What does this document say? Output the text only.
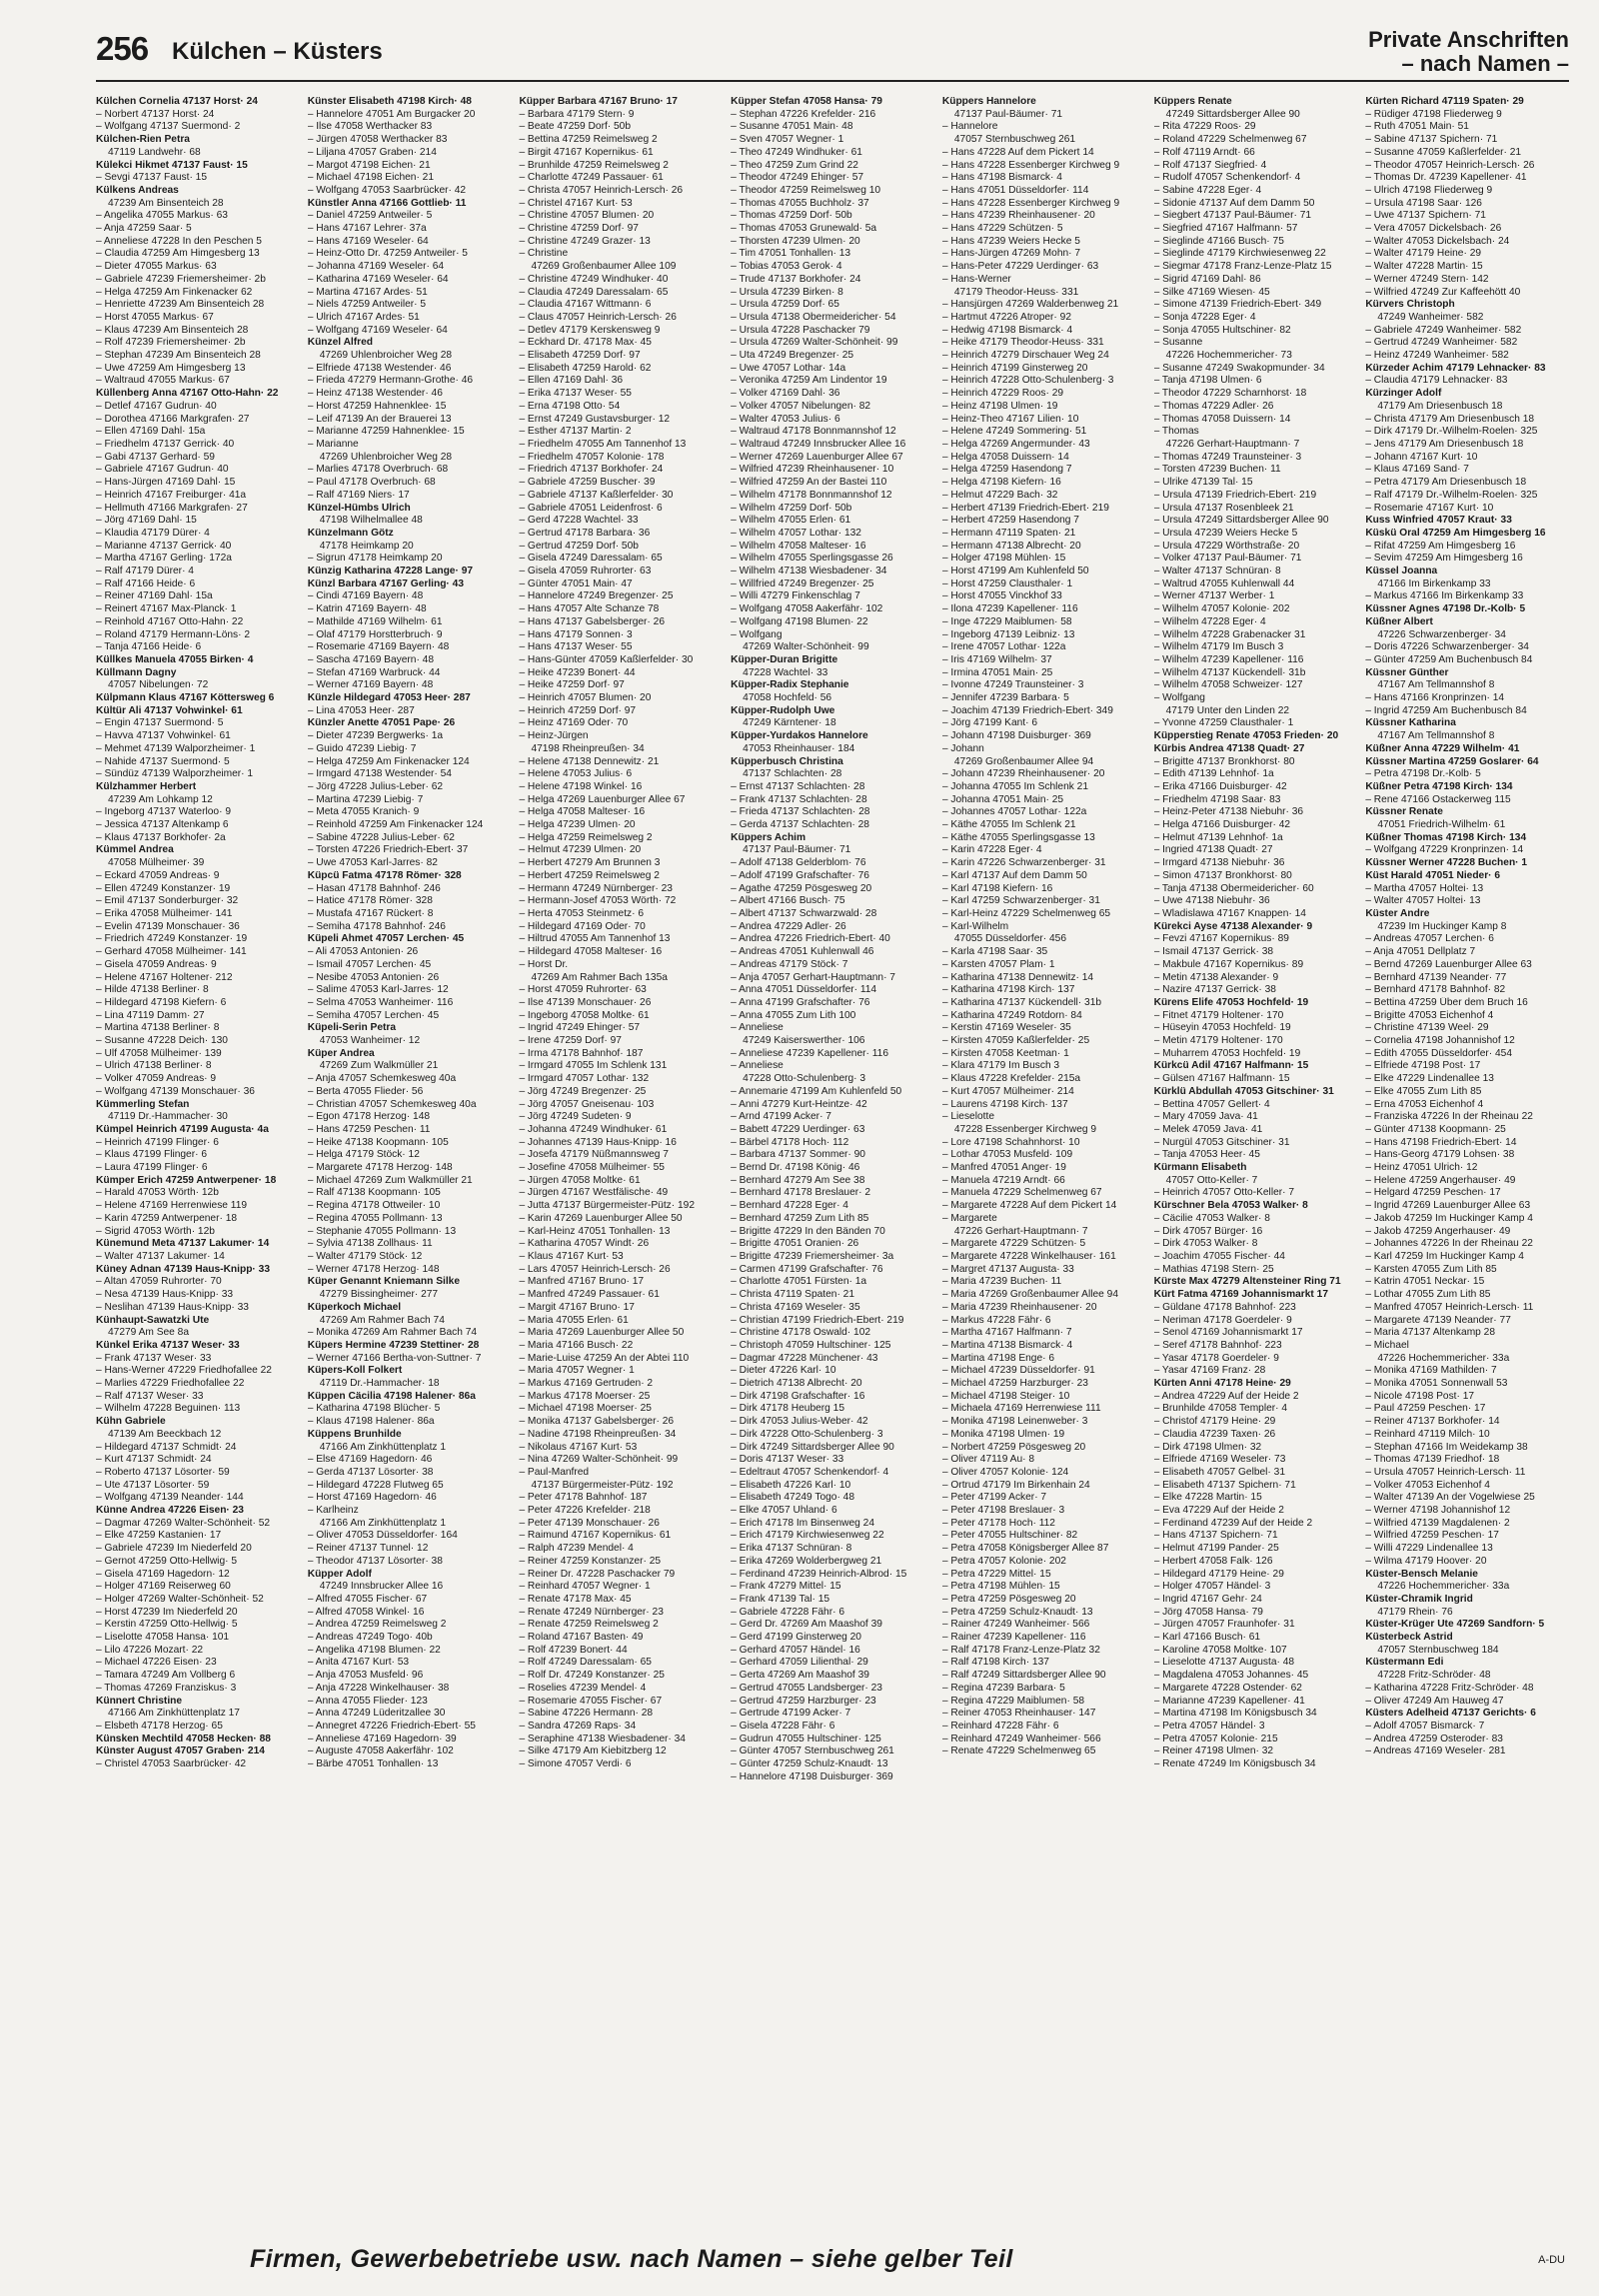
256 Külchen – Küsters	Private Anschriften
– nach Namen –
Külchen Cornelia 47137 Horst· 24
– Norbert 47137 Horst· 24
– Wolfgang 47137 Suermond· 2
Külchen-Rien Petra
47119 Landwehr· 68
Külekci Hikmet 47137 Faust· 15
– Sevgi 47137 Faust· 15
Külkens Andreas
47239 Am Binsenteich 28
– Angelika 47055 Markus· 63
– Anja 47259 Saar· 5
– Anneliese 47228 In den Peschen 5
– Claudia 47259 Am Himgesberg 13
– Dieter 47055 Markus· 63
– Gabriele 47239 Friemersheimer· 2b
– Helga 47259 Am Finkenacker 62
– Henriette 47239 Am Binsenteich 28
– Horst 47055 Markus· 67
– Klaus 47239 Am Binsenteich 28
– Rolf 47239 Friemersheimer· 2b
– Stephan 47239 Am Binsenteich 28
– Uwe 47259 Am Himgesberg 13
– Waltraud 47055 Markus· 67
Küllenberg Anna 47167 Otto-Hahn· 22
– Detlef 47167 Gudrun· 40
– Dorothea 47166 Markgrafen· 27
– Ellen 47169 Dahl· 15a
– Friedhelm 47137 Gerrick· 40
– Gabi 47137 Gerhard· 59
– Gabriele 47167 Gudrun· 40
– Hans-Jürgen 47169 Dahl· 15
– Heinrich 47167 Freiburger· 41a
– Hellmuth 47166 Markgrafen· 27
– Jörg 47169 Dahl· 15
– Klaudia 47179 Dürer· 4
– Marianne 47137 Gerrick· 40
– Martha 47167 Gerling· 172a
– Ralf 47179 Dürer· 4
– Ralf 47166 Heide· 6
– Reiner 47169 Dahl· 15a
– Reinert 47167 Max-Planck· 1
– Reinhold 47167 Otto-Hahn· 22
– Roland 47179 Hermann-Löns· 2
– Tanja 47166 Heide· 6
Küllkes Manuela 47055 Birken· 4
Küllmann Dagny
47057 Nibelungen· 72
Külpmann Klaus 47167 Köttersweg 6
Kültür Ali 47137 Vohwinkel· 61
– Engin 47137 Suermond· 5
– Havva 47137 Vohwinkel· 61
– Mehmet 47139 Walporzheimer· 1
– Nahide 47137 Suermond· 5
– Sündüz 47139 Walporzheimer· 1
Külzhammer Herbert
47239 Am Lohkamp 12
– Ingeborg 47137 Waterloo· 9
– Jessica 47137 Altenkamp 6
– Klaus 47137 Borkhofer· 2a
Kümmel Andrea
47058 Mülheimer· 39
– Eckard 47059 Andreas· 9
– Ellen 47249 Konstanzer· 19
– Emil 47137 Sonderburger· 32
– Erika 47058 Mülheimer· 141
– Evelin 47139 Monschauer· 36
– Friedrich 47249 Konstanzer· 19
– Gerhard 47058 Mülheimer· 141
– Gisela 47059 Andreas· 9
– Helene 47167 Holtener· 212
– Hilde 47138 Berliner· 8
– Hildegard 47198 Kiefern· 6
– Lina 47119 Damm· 27
– Martina 47138 Berliner· 8
– Susanne 47228 Deich· 130
– Ulf 47058 Mülheimer· 139
– Ulrich 47138 Berliner· 8
– Volker 47059 Andreas· 9
– Wolfgang 47139 Monschauer· 36
Kümmerling Stefan
47119 Dr.-Hammacher· 30
Kümpel Heinrich 47199 Augusta· 4a
– Heinrich 47199 Flinger· 6
– Klaus 47199 Flinger· 6
– Laura 47199 Flinger· 6
Kümper Erich 47259 Antwerpener· 18
– Harald 47053 Wörth· 12b
– Helene 47169 Herrenwiese 119
– Karin 47259 Antwerpener· 18
– Sigrid 47053 Wörth· 12b
Künemund Meta 47137 Lakumer· 14
– Walter 47137 Lakumer· 14
Küney Adnan 47139 Haus-Knipp· 33
– Altan 47059 Ruhrorter· 70
– Nesa 47139 Haus-Knipp· 33
– Neslihan 47139 Haus-Knipp· 33
Künhaupt-Sawatzki Ute
47279 Am See 8a
Künkel Erika 47137 Weser· 33
– Frank 47137 Weser· 33
– Hans-Werner 47229 Friedhofallee 22
– Marlies 47229 Friedhofallee 22
– Ralf 47137 Weser· 33
– Wilhelm 47228 Beguinen· 113
Kühn Gabriele
47139 Am Beeckbach 12
– Hildegard 47137 Schmidt· 24
– Kurt 47137 Schmidt· 24
– Roberto 47137 Lösorter· 59
– Ute 47137 Lösorter· 59
– Wolfgang 47139 Neander· 144
Künne Andrea 47226 Eisen· 23
– Dagmar 47269 Walter-Schönheit· 52
– Elke 47259 Kastanien· 17
– Gabriele 47239 Im Niederfeld 20
– Gernot 47259 Otto-Hellwig· 5
– Gisela 47169 Hagedorn· 12
– Holger 47169 Reiserweg 60
– Holger 47269 Walter-Schönheit· 52
– Horst 47239 Im Niederfeld 20
– Kerstin 47259 Otto-Hellwig· 5
– Liselotte 47058 Hansa· 101
– Lilo 47226 Mozart· 22
– Michael 47226 Eisen· 23
– Tamara 47249 Am Vollberg 6
– Thomas 47269 Franziskus· 3
Künnert Christine
47166 Am Zinkhüttenplatz 17
– Elsbeth 47178 Herzog· 65
Künsken Mechtild 47058 Hecken· 88
Künster August 47057 Graben· 214
– Christel 47053 Saarbrücker· 42
Künster Elisabeth 47198 Kirch· 48
– Hannelore 47051 Am Burgacker 20
– Ilse 47058 Werthacker 83
– Jürgen 47058 Werthacker 83
– Liljana 47057 Graben· 214
– Margot 47198 Eichen· 21
– Michael 47198 Eichen· 21
– Wolfgang 47053 Saarbrücker· 42
Künstler Anna 47166 Gottlieb· 11
– Daniel 47259 Antweiler· 5
– Hans 47167 Lehrer· 37a
– Hans 47169 Weseler· 64
– Heinz-Otto Dr. 47259 Antweiler· 5
– Johanna 47169 Weseler· 64
– Katharina 47169 Weseler· 64
– Martina 47167 Ardes· 51
– Niels 47259 Antweiler· 5
– Ulrich 47167 Ardes· 51
– Wolfgang 47169 Weseler· 64
Künzel Alfred
47269 Uhlenbroicher Weg 28
– Elfriede 47138 Westender· 46
– Frieda 47279 Hermann-Grothe· 46
– Heinz 47138 Westender· 46
– Horst 47259 Hahnenklee· 15
– Leif 47139 An der Brauerei 13
– Marianne 47259 Hahnenklee· 15
– Marianne
47269 Uhlenbroicher Weg 28
– Marlies 47178 Overbruch· 68
– Paul 47178 Overbruch· 68
– Ralf 47169 Niers· 17
Künzel-Hümbs Ulrich
47198 Wilhelmallee 48
Künzelmann Götz
47178 Heimkamp 20
– Sigrun 47178 Heimkamp 20
Künzig Katharina 47228 Lange· 97
Künzl Barbara 47167 Gerling· 43
– Cindi 47169 Bayern· 48
– Katrin 47169 Bayern· 48
– Mathilde 47169 Wilhelm· 61
– Olaf 47179 Horstterbruch· 9
– Rosemarie 47169 Bayern· 48
– Sascha 47169 Bayern· 48
– Stefan 47169 Warbruck· 44
– Werner 47169 Bayern· 48
Künzle Hildegard 47053 Heer· 287
– Lina 47053 Heer· 287
Künzler Anette 47051 Pape· 26
– Dieter 47239 Bergwerks· 1a
– Guido 47239 Liebig· 7
– Helga 47259 Am Finkenacker 124
– Irmgard 47138 Westender· 54
– Jörg 47228 Julius-Leber· 62
– Martina 47239 Liebig· 7
– Meta 47055 Kranich· 9
– Reinhold 47259 Am Finkenacker 124
– Sabine 47228 Julius-Leber· 62
– Torsten 47226 Friedrich-Ebert· 37
– Uwe 47053 Karl-Jarres· 82
Küpcü Fatma 47178 Römer· 328
– Hasan 47178 Bahnhof· 246
– Hatice 47178 Römer· 328
– Mustafa 47167 Rückert· 8
– Semiha 47178 Bahnhof· 246
Küpeli Ahmet 47057 Lerchen· 45
– Ali 47053 Antonien· 26
– Ismail 47057 Lerchen· 45
– Nesibe 47053 Antonien· 26
– Salime 47053 Karl-Jarres· 12
– Selma 47053 Wanheimer· 116
– Semiha 47057 Lerchen· 45
Küpeli-Serin Petra
47053 Wanheimer· 12
Küper Andrea
47269 Zum Walkmüller 21
– Anja 47057 Schemkesweg 40a
– Berta 47055 Flieder· 56
– Christian 47057 Schemkesweg 40a
– Egon 47178 Herzog· 148
– Hans 47259 Peschen· 11
– Heike 47138 Koopmann· 105
– Helga 47179 Stöck· 12
– Margarete 47178 Herzog· 148
– Michael 47269 Zum Walkmüller 21
– Ralf 47138 Koopmann· 105
– Regina 47178 Ottweiler· 10
– Regina 47055 Pollmann· 13
– Stephanie 47055 Pollmann· 13
– Sylvia 47138 Zollhaus· 11
– Walter 47179 Stöck· 12
– Werner 47178 Herzog· 148
Küper Genannt Kniemann Silke
47279 Bissingheimer· 277
Küperkoch Michael
47269 Am Rahmer Bach 74
– Monika 47269 Am Rahmer Bach 74
Küpers Hermine 47239 Stettiner· 28
– Werner 47166 Bertha-von-Suttner· 7
Küpers-Koll Folkert
47119 Dr.-Hammacher· 18
Küppen Cäcilia 47198 Halener· 86a
– Katharina 47198 Blücher· 5
– Klaus 47198 Halener· 86a
Küppens Brunhilde
47166 Am Zinkhüttenplatz 1
– Else 47169 Hagedorn· 46
– Gerda 47137 Lösorter· 38
– Hildegard 47228 Flutweg 65
– Horst 47169 Hagedorn· 46
– Karlheinz
47166 Am Zinkhüttenplatz 1
– Oliver 47053 Düsseldorfer· 164
– Reiner 47137 Tunnel· 12
– Theodor 47137 Lösorter· 38
Küpper Adolf
47249 Innsbrucker Allee 16
– Alfred 47055 Fischer· 67
– Alfred 47058 Winkel· 16
– Andrea 47259 Reimelsweg 2
– Andreas 47249 Togo· 40b
– Angelika 47198 Blumen· 22
– Anita 47167 Kurt· 53
– Anja 47053 Musfeld· 96
– Anja 47228 Winkelhauser· 38
– Anna 47055 Flieder· 123
– Anna 47249 Lüderitzallee 30
– Annegret 47226 Friedrich-Ebert· 55
– Anneliese 47169 Hagedorn· 39
– Auguste 47058 Aakerfähr· 102
– Bärbe 47051 Tonhallen· 13
Küpper Barbara 47167 Bruno· 17
– Barbara 47179 Stern· 9
– Beate 47259 Dorf· 50b
– Bettina 47259 Reimelsweg 2
– Birgit 47167 Kopernikus· 61
– Brunhilde 47259 Reimelsweg 2
– Charlotte 47249 Passauer· 61
– Christa 47057 Heinrich-Lersch· 26
– Christel 47167 Kurt· 53
– Christine 47057 Blumen· 20
– Christine 47259 Dorf· 97
– Christine 47249 Grazer· 13
– Christine
47269 Großenbaumer Allee 109
– Christine 47249 Windhuker· 40
– Claudia 47249 Daressalam· 65
– Claudia 47167 Wittmann· 6
– Claus 47057 Heinrich-Lersch· 26
– Detlev 47179 Kerskensweg 9
– Eckhard Dr. 47178 Max· 45
– Elisabeth 47259 Dorf· 97
– Elisabeth 47259 Harold· 62
– Ellen 47169 Dahl· 36
– Erika 47137 Weser· 55
– Erna 47198 Otto· 54
– Ernst 47249 Gustavsburger· 12
– Esther 47137 Martin· 2
– Friedhelm 47055 Am Tannenhof 13
– Friedhelm 47057 Kolonie· 178
– Friedrich 47137 Borkhofer· 24
– Gabriele 47259 Buscher· 39
– Gabriele 47137 Kaßlerfelder· 30
– Gabriele 47051 Leidenfrost· 6
– Gerd 47228 Wachtel· 33
– Gertrud 47178 Barbara· 36
– Gertrud 47259 Dorf· 50b
– Gisela 47249 Daressalam· 65
– Gisela 47059 Ruhrorter· 63
– Günter 47051 Main· 47
– Hannelore 47249 Bregenzer· 25
– Hans 47057 Alte Schanze 78
– Hans 47137 Gabelsberger· 26
– Hans 47179 Sonnen· 3
– Hans 47137 Weser· 55
– Hans-Günter 47059 Kaßlerfelder· 30
– Heike 47239 Bonert· 44
– Heike 47259 Dorf· 97
– Heinrich 47057 Blumen· 20
– Heinrich 47259 Dorf· 97
– Heinz 47169 Oder· 70
– Heinz-Jürgen
47198 Rheinpreußen· 34
– Helene 47138 Dennewitz· 21
– Helene 47053 Julius· 6
– Helene 47198 Winkel· 16
– Helga 47269 Lauenburger Allee 67
– Helga 47058 Malteser· 16
– Helga 47239 Ulmen· 20
– Helga 47259 Reimelsweg 2
– Helmut 47239 Ulmen· 20
– Herbert 47279 Am Brunnen 3
– Herbert 47259 Reimelsweg 2
– Hermann 47249 Nürnberger· 23
– Hermann-Josef 47053 Wörth· 72
– Herta 47053 Steinmetz· 6
– Hildegard 47169 Oder· 70
– Hiltrud 47055 Am Tannenhof 13
– Hildegard 47058 Malteser· 16
– Horst Dr.
47269 Am Rahmer Bach 135a
– Horst 47059 Ruhrorter· 63
– Ilse 47139 Monschauer· 26
– Ingeborg 47058 Moltke· 61
– Ingrid 47249 Ehinger· 57
– Irene 47259 Dorf· 97
– Irma 47178 Bahnhof· 187
– Irmgard 47055 Im Schlenk 131
– Irmgard 47057 Lothar· 132
– Jörg 47249 Bregenzer· 25
– Jörg 47057 Gneisenau· 103
– Jörg 47249 Sudeten· 9
– Johanna 47249 Windhuker· 61
– Johannes 47139 Haus-Knipp· 16
– Josefa 47179 Nüßmannsweg 7
– Josefine 47058 Mülheimer· 55
– Jürgen 47058 Moltke· 61
– Jürgen 47167 Westfälische· 49
– Jutta 47137 Bürgermeister-Pütz· 192
– Karin 47269 Lauenburger Allee 50
– Karl-Heinz 47051 Tonhallen· 13
– Katharina 47057 Windt· 26
– Klaus 47167 Kurt· 53
– Lars 47057 Heinrich-Lersch· 26
– Manfred 47167 Bruno· 17
– Manfred 47249 Passauer· 61
– Margit 47167 Bruno· 17
– Maria 47055 Erlen· 61
– Maria 47269 Lauenburger Allee 50
– Maria 47166 Busch· 22
– Marie-Luise 47259 An der Abtei 110
– Maria 47057 Wegner· 1
– Markus 47169 Gertruden· 2
– Markus 47178 Moerser· 25
– Michael 47198 Moerser· 25
– Monika 47137 Gabelsberger· 26
– Nadine 47198 Rheinpreußen· 34
– Nikolaus 47167 Kurt· 53
– Nina 47269 Walter-Schönheit· 99
– Paul-Manfred
47137 Bürgermeister-Pütz· 192
– Peter 47178 Bahnhof· 187
– Peter 47226 Krefelder· 218
– Peter 47139 Monschauer· 26
– Raimund 47167 Kopernikus· 61
– Ralph 47239 Mendel· 4
– Reiner 47259 Konstanzer· 25
– Reiner Dr. 47228 Paschacker 79
– Reinhard 47057 Wegner· 1
– Renate 47178 Max· 45
– Renate 47249 Nürnberger· 23
– Renate 47259 Reimelsweg 2
– Roland 47167 Basten· 49
– Rolf 47239 Bonert· 44
– Rolf 47249 Daressalam· 65
– Rolf Dr. 47249 Konstanzer· 25
– Roselies 47239 Mendel· 4
– Rosemarie 47055 Fischer· 67
– Sabine 47226 Hermann· 28
– Sandra 47269 Raps· 34
– Seraphine 47138 Wiesbadener· 34
– Silke 47179 Am Kiebitzberg 12
– Simone 47057 Verdi· 6
Küpper Stefan 47058 Hansa· 79
– Stephan 47226 Krefelder· 216
– Susanne 47051 Main· 48
– Sven 47057 Wegner· 1
– Theo 47249 Windhuker· 61
– Theo 47259 Zum Grind 22
– Theodor 47249 Ehinger· 57
– Theodor 47259 Reimelsweg 10
– Thomas 47055 Buchholz· 37
– Thomas 47259 Dorf· 50b
– Thomas 47053 Grunewald· 5a
– Thorsten 47239 Ulmen· 20
– Tim 47051 Tonhallen· 13
– Tobias 47053 Gerok· 4
– Trude 47137 Borkhofer· 24
– Ursula 47239 Birken· 8
– Ursula 47259 Dorf· 65
– Ursula 47138 Obermeidericher· 54
– Ursula 47228 Paschacker 79
– Ursula 47269 Walter-Schönheit· 99
– Uta 47249 Bregenzer· 25
– Uwe 47057 Lothar· 14a
– Veronika 47259 Am Lindentor 19
– Volker 47169 Dahl· 36
– Volker 47057 Nibelungen· 82
– Walter 47053 Julius· 6
– Waltraud 47178 Bonnmannshof 12
– Waltraud 47249 Innsbrucker Allee 16
– Werner 47269 Lauenburger Allee 67
– Wilfried 47239 Rheinhausener· 10
– Wilfried 47259 An der Bastei 110
– Wilhelm 47178 Bonnmannshof 12
– Wilhelm 47259 Dorf· 50b
– Wilhelm 47055 Erlen· 61
– Wilhelm 47057 Lothar· 132
– Wilhelm 47058 Malteser· 16
– Wilhelm 47055 Sperlingsgasse 26
– Wilhelm 47138 Wiesbadener· 34
– Willfried 47249 Bregenzer· 25
– Willi 47279 Finkenschlag 7
– Wolfgang 47058 Aakerfähr· 102
– Wolfgang 47198 Blumen· 22
– Wolfgang
47269 Walter-Schönheit· 99
Küpper-Duran Brigitte
47228 Wachtel· 33
Küpper-Radix Stephanie
47058 Hochfeld· 56
Küpper-Rudolph Uwe
47249 Kärntener· 18
Küpper-Yurdakos Hannelore
47053 Rheinhauser· 184
Küpperbusch Christina
47137 Schlachten· 28
– Ernst 47137 Schlachten· 28
– Frank 47137 Schlachten· 28
– Frieda 47137 Schlachten· 28
– Gerda 47137 Schlachten· 28
Küppers Achim
47137 Paul-Bäumer· 71
– Adolf 47138 Gelderblom· 76
– Adolf 47199 Grafschafter· 76
– Agathe 47259 Pösgesweg 20
– Albert 47166 Busch· 75
– Albert 47137 Schwarzwald· 28
– Andrea 47229 Adler· 26
– Andrea 47226 Friedrich-Ebert· 40
– Andreas 47051 Kuhlenwall 46
– Andreas 47179 Stöck· 7
– Anja 47057 Gerhart-Hauptmann· 7
– Anna 47051 Düsseldorfer· 114
– Anna 47199 Grafschafter· 76
– Anna 47055 Zum Lith 100
– Anneliese
47249 Kaiserswerther· 106
– Anneliese 47239 Kapellener· 116
– Anneliese
47228 Otto-Schulenberg· 3
– Annemarie 47199 Am Kuhlenfeld 50
– Anni 47279 Kurt-Heintze· 42
– Arnd 47199 Acker· 7
– Babett 47229 Uerdinger· 63
– Bärbel 47178 Hoch· 112
– Barbara 47137 Sommer· 90
– Bernd Dr. 47198 König· 46
– Bernhard 47279 Am See 38
– Bernhard 47178 Breslauer· 2
– Bernhard 47228 Eger· 4
– Bernhard 47259 Zum Lith 85
– Brigitte 47229 In den Bänden 70
– Brigitte 47051 Oranien· 26
– Brigitte 47239 Friemersheimer· 3a
– Carmen 47199 Grafschafter· 76
– Charlotte 47051 Fürsten· 1a
– Christa 47119 Spaten· 21
– Christa 47169 Weseler· 35
– Christian 47199 Friedrich-Ebert· 219
– Christine 47178 Oswald· 102
– Christoph 47059 Hultschiner· 125
– Dagmar 47228 Münchener· 43
– Dieter 47226 Karl· 10
– Dietrich 47138 Albrecht· 20
– Dirk 47198 Grafschafter· 16
– Dirk 47178 Heuberg 15
– Dirk 47053 Julius-Weber· 42
– Dirk 47228 Otto-Schulenberg· 3
– Dirk 47249 Sittardsberger Allee 90
– Doris 47137 Weser· 33
– Edeltraut 47057 Schenkendorf· 4
– Elisabeth 47226 Karl· 10
– Elisabeth 47249 Togo· 48
– Elke 47057 Uhland· 6
– Erich 47178 Im Binsenweg 24
– Erich 47179 Kirchwiesenweg 22
– Erika 47137 Schnüran· 8
– Erika 47269 Wolderbergweg 21
– Ferdinand 47239 Heinrich-Albrod· 15
– Frank 47279 Mittel· 15
– Frank 47139 Tal· 15
– Gabriele 47228 Fähr· 6
– Gerd Dr. 47269 Am Maashof 39
– Gerd 47199 Ginsterweg 20
– Gerhard 47057 Händel· 16
– Gerhard 47059 Lilienthal· 29
– Gerta 47269 Am Maashof 39
– Gertrud 47055 Landsberger· 23
– Gertrud 47259 Harzburger· 23
– Gertrude 47199 Acker· 7
– Gisela 47228 Fähr· 6
– Gudrun 47055 Hultschiner· 125
– Günter 47057 Sternbuschweg 261
– Günter 47259 Schulz-Knaudt· 13
– Hannelore 47198 Duisburger· 369
Küppers Hannelore
47137 Paul-Bäumer· 71
– Hannelore
47057 Sternbuschweg 261
– Hans 47228 Auf dem Pickert 14
– Hans 47228 Essenberger Kirchweg 9
– Hans 47198 Bismarck· 4
– Hans 47051 Düsseldorfer· 114
– Hans 47228 Essenberger Kirchweg 9
– Hans 47239 Rheinhausener· 20
– Hans 47229 Schützen· 5
– Hans 47239 Weiers Hecke 5
– Hans-Jürgen 47269 Mohn· 7
– Hans-Peter 47229 Uerdinger· 63
– Hans-Werner
47179 Theodor-Heuss· 331
– Hansjürgen 47269 Walderbenweg 21
– Hartmut 47226 Atroper· 92
– Hedwig 47198 Bismarck· 4
– Heike 47179 Theodor-Heuss· 331
– Heinrich 47279 Dirschauer Weg 24
– Heinrich 47199 Ginsterweg 20
– Heinrich 47228 Otto-Schulenberg· 3
– Heinrich 47229 Roos· 29
– Heinz 47198 Ulmen· 19
– Heinz-Theo 47167 Lilien· 10
– Helene 47249 Sommering· 51
– Helga 47269 Angermunder· 43
– Helga 47058 Duissern· 14
– Helga 47259 Hasendong 7
– Helga 47198 Kiefern· 16
– Helmut 47229 Bach· 32
– Herbert 47139 Friedrich-Ebert· 219
– Herbert 47259 Hasendong 7
– Hermann 47119 Spaten· 21
– Hermann 47138 Albrecht· 20
– Holger 47198 Mühlen· 15
– Horst 47199 Am Kuhlenfeld 50
– Horst 47259 Clausthaler· 1
– Horst 47055 Vinckhof 33
– Ilona 47239 Kapellener· 116
– Inge 47229 Maiblumen· 58
– Ingeborg 47139 Leibniz· 13
– Irene 47057 Lothar· 122a
– Iris 47169 Wilhelm· 37
– Irmina 47051 Main· 25
– Ivonne 47249 Traunsteiner· 3
– Jennifer 47239 Barbara· 5
– Joachim 47139 Friedrich-Ebert· 349
– Jörg 47199 Kant· 6
– Johann 47198 Duisburger· 369
– Johann
47269 Großenbaumer Allee 94
– Johann 47239 Rheinhausener· 20
– Johanna 47055 Im Schlenk 21
– Johanna 47051 Main· 25
– Johannes 47057 Lothar· 122a
– Käthe 47055 Im Schlenk 21
– Käthe 47055 Sperlingsgasse 13
– Karin 47228 Eger· 4
– Karin 47226 Schwarzenberger· 31
– Karl 47137 Auf dem Damm 50
– Karl 47198 Kiefern· 16
– Karl 47259 Schwarzenberger· 31
– Karl-Heinz 47229 Schelmenweg 65
– Karl-Wilhelm
47055 Düsseldorfer· 456
– Karla 47198 Saar· 35
– Karsten 47057 Plam· 1
– Katharina 47138 Dennewitz· 14
– Katharina 47198 Kirch· 137
– Katharina 47137 Kückendell· 31b
– Katharina 47249 Rotdorn· 84
– Kerstin 47169 Weseler· 35
– Kirsten 47059 Kaßlerfelder· 25
– Kirsten 47058 Keetman· 1
– Klara 47179 Im Busch 3
– Klaus 47228 Krefelder· 215a
– Kurt 47057 Mülheimer· 214
– Laurens 47198 Kirch· 137
– Lieselotte
47228 Essenberger Kirchweg 9
– Lore 47198 Schahnhorst· 10
– Lothar 47053 Musfeld· 109
– Manfred 47051 Anger· 19
– Manuela 47219 Arndt· 66
– Manuela 47229 Schelmenweg 67
– Margarete 47228 Auf dem Pickert 14
– Margarete
47226 Gerhart-Hauptmann· 7
– Margarete 47229 Schützen· 5
– Margarete 47228 Winkelhauser· 161
– Margret 47137 Augusta· 33
– Maria 47239 Buchen· 11
– Maria 47269 Großenbaumer Allee 94
– Maria 47239 Rheinhausener· 20
– Markus 47228 Fähr· 6
– Martha 47167 Halfmann· 7
– Martina 47138 Bismarck· 4
– Martina 47198 Enge· 6
– Michael 47239 Düsseldorfer· 91
– Michael 47259 Harzburger· 23
– Michael 47198 Steiger· 10
– Michaela 47169 Herrenwiese 111
– Monika 47198 Leinenweber· 3
– Monika 47198 Ulmen· 19
– Norbert 47259 Pösgesweg 20
– Oliver 47119 Au· 8
– Oliver 47057 Kolonie· 124
– Ortrud 47179 Im Birkenhain 24
– Peter 47199 Acker· 7
– Peter 47198 Breslauer· 3
– Peter 47178 Hoch· 112
– Peter 47055 Hultschiner· 82
– Petra 47058 Königsberger Allee 87
– Petra 47057 Kolonie· 202
– Petra 47229 Mittel· 15
– Petra 47198 Mühlen· 15
– Petra 47259 Pösgesweg 20
– Petra 47259 Schulz-Knaudt· 13
– Rainer 47249 Wanheimer· 566
– Rainer 47239 Kapellener· 116
– Ralf 47178 Franz-Lenze-Platz 32
– Ralf 47198 Kirch· 137
– Ralf 47249 Sittardsberger Allee 90
– Regina 47239 Barbara· 5
– Regina 47229 Maiblumen· 58
– Reiner 47053 Rheinhauser· 147
– Reinhard 47228 Fähr· 6
– Reinhard 47249 Wanheimer· 566
– Renate 47229 Schelmenweg 65
Küppers Renate
47249 Sittardsberger Allee 90
– Rita 47229 Roos· 29
– Roland 47229 Schelmenweg 67
– Rolf 47119 Arndt· 66
– Rolf 47137 Siegfried· 4
– Rudolf 47057 Schenkendorf· 4
– Sabine 47228 Eger· 4
– Sidonie 47137 Auf dem Damm 50
– Siegbert 47137 Paul-Bäumer· 71
– Siegfried 47167 Halfmann· 57
– Sieglinde 47166 Busch· 75
– Sieglinde 47179 Kirchwiesenweg 22
– Siegmar 47178 Franz-Lenze-Platz 15
– Sigrid 47169 Dahl· 86
– Silke 47169 Wiesen· 45
– Simone 47139 Friedrich-Ebert· 349
– Sonja 47228 Eger· 4
– Sonja 47055 Hultschiner· 82
– Susanne
47226 Hochemmericher· 73
– Susanne 47249 Swakopmunder· 34
– Tanja 47198 Ulmen· 6
– Theodor 47229 Scharnhorst· 18
– Thomas 47229 Adler· 26
– Thomas 47058 Duissern· 14
– Thomas
47226 Gerhart-Hauptmann· 7
– Thomas 47249 Traunsteiner· 3
– Torsten 47239 Buchen· 11
– Ulrike 47139 Tal· 15
– Ursula 47139 Friedrich-Ebert· 219
– Ursula 47137 Rosenbleek 21
– Ursula 47249 Sittardsberger Allee 90
– Ursula 47239 Weiers Hecke 5
– Ursula 47229 Wörthstraße· 20
– Volker 47137 Paul-Bäumer· 71
– Walter 47137 Schnüran· 8
– Waltrud 47055 Kuhlenwall 44
– Werner 47137 Werber· 1
– Wilhelm 47057 Kolonie· 202
– Wilhelm 47228 Eger· 4
– Wilhelm 47228 Grabenacker 31
– Wilhelm 47179 Im Busch 3
– Wilhelm 47239 Kapellener· 116
– Wilhelm 47137 Kückendell· 31b
– Wilhelm 47058 Schweizer· 127
– Wolfgang
47179 Unter den Linden 22
– Yvonne 47259 Clausthaler· 1
Küpperstieg Renate 47053 Frieden· 20
Kürbis Andrea 47138 Quadt· 27
– Brigitte 47137 Bronkhorst· 80
– Edith 47139 Lehnhof· 1a
– Erika 47166 Duisburger· 42
– Friedhelm 47198 Saar· 83
– Heinz-Peter 47138 Niebuhr· 36
– Helga 47166 Duisburger· 42
– Helmut 47139 Lehnhof· 1a
– Ingried 47138 Quadt· 27
– Irmgard 47138 Niebuhr· 36
– Simon 47137 Bronkhorst· 80
– Tanja 47138 Obermeidericher· 60
– Uwe 47138 Niebuhr· 36
– Wladislawa 47167 Knappen· 14
Kürekci Ayse 47138 Alexander· 9
– Fevzi 47167 Kopernikus· 89
– Ismail 47137 Gerrick· 38
– Makbule 47167 Kopernikus· 89
– Metin 47138 Alexander· 9
– Nazire 47137 Gerrick· 38
Kürens Elife 47053 Hochfeld· 19
– Fitnet 47179 Holtener· 170
– Hüseyin 47053 Hochfeld· 19
– Metin 47179 Holtener· 170
– Muharrem 47053 Hochfeld· 19
Kürkcü Adil 47167 Halfmann· 15
– Gülsen 47167 Halfmann· 15
Kürklü Abdullah 47053 Gitschiner· 31
– Bettina 47057 Gellert· 4
– Mary 47059 Java· 41
– Melek 47059 Java· 41
– Nurgül 47053 Gitschiner· 31
– Tanja 47053 Heer· 45
Kürmann Elisabeth
47057 Otto-Keller· 7
– Heinrich 47057 Otto-Keller· 7
Kürschner Bela 47053 Walker· 8
– Cäcilie 47053 Walker· 8
– Dirk 47057 Bürger· 16
– Dirk 47053 Walker· 8
– Joachim 47055 Fischer· 44
– Mathias 47198 Stern· 25
Kürste Max 47279 Altensteiner Ring 71
Kürt Fatma 47169 Johannismarkt 17
– Güldane 47178 Bahnhof· 223
– Neriman 47178 Goerdeler· 9
– Senol 47169 Johannismarkt 17
– Seref 47178 Bahnhof· 223
– Yasar 47178 Goerdeler· 9
– Yasar 47169 Franz· 28
Kürten Anni 47178 Heine· 29
– Andrea 47229 Auf der Heide 2
– Brunhilde 47058 Templer· 4
– Christof 47179 Heine· 29
– Claudia 47239 Taxen· 26
– Dirk 47198 Ulmen· 32
– Elfriede 47169 Weseler· 73
– Elisabeth 47057 Gelbel· 31
– Elisabeth 47137 Spichern· 71
– Elke 47228 Martin· 15
– Eva 47229 Auf der Heide 2
– Ferdinand 47239 Auf der Heide 2
– Hans 47137 Spichern· 71
– Helmut 47199 Pander· 25
– Herbert 47058 Falk· 126
– Hildegard 47179 Heine· 29
– Holger 47057 Händel· 3
– Ingrid 47167 Gehr· 24
– Jörg 47058 Hansa· 79
– Jürgen 47057 Fraunhofer· 31
– Karl 47166 Busch· 61
– Karoline 47058 Moltke· 107
– Lieselotte 47137 Augusta· 48
– Magdalena 47053 Johannes· 45
– Margarete 47228 Ostender· 62
– Marianne 47239 Kapellener· 41
– Martina 47198 Im Königsbusch 34
– Petra 47057 Händel· 3
– Petra 47057 Kolonie· 215
– Reiner 47198 Ulmen· 32
– Renate 47249 Im Königsbusch 34
Kürten Richard 47119 Spaten· 29
– Rüdiger 47198 Fliederweg 9
– Ruth 47051 Main· 51
– Sabine 47137 Spichern· 71
– Susanne 47059 Kaßlerfelder· 21
– Theodor 47057 Heinrich-Lersch· 26
– Thomas Dr. 47239 Kapellener· 41
– Ulrich 47198 Fliederweg 9
– Ursula 47198 Saar· 126
– Uwe 47137 Spichern· 71
– Vera 47057 Dickelsbach· 26
– Walter 47053 Dickelsbach· 24
– Walter 47179 Heine· 29
– Walter 47228 Martin· 15
– Werner 47249 Stern· 142
– Wilfried 47249 Zur Kaffeehött 40
Kürvers Christoph
47249 Wanheimer· 582
– Gabriele 47249 Wanheimer· 582
– Gertrud 47249 Wanheimer· 582
– Heinz 47249 Wanheimer· 582
Kürzeder Achim 47179 Lehnacker· 83
– Claudia 47179 Lehnacker· 83
Kürzinger Adolf
47179 Am Driesenbusch 18
– Christa 47179 Am Driesenbusch 18
– Dirk 47179 Dr.-Wilhelm-Roelen· 325
– Jens 47179 Am Driesenbusch 18
– Johann 47167 Kurt· 10
– Klaus 47169 Sand· 7
– Petra 47179 Am Driesenbusch 18
– Ralf 47179 Dr.-Wilhelm-Roelen· 325
– Rosemarie 47167 Kurt· 10
Kuss Winfried 47057 Kraut· 33
Küskü Oral 47259 Am Himgesberg 16
– Rifat 47259 Am Himgesberg 16
– Sevim 47259 Am Himgesberg 16
Küssel Joanna
47166 Im Birkenkamp 33
– Markus 47166 Im Birkenkamp 33
Küssner Agnes 47198 Dr.-Kolb· 5
Küßner Albert
47226 Schwarzenberger· 34
– Doris 47226 Schwarzenberger· 34
– Günter 47259 Am Buchenbusch 84
Küssner Günther
47167 Am Tellmannshof 8
– Hans 47166 Kronprinzen· 14
– Ingrid 47259 Am Buchenbusch 84
Küssner Katharina
47167 Am Tellmannshof 8
Küßner Anna 47229 Wilhelm· 41
Küssner Martina 47259 Goslarer· 64
– Petra 47198 Dr.-Kolb· 5
Küßner Petra 47198 Kirch· 134
– Rene 47166 Ostackerweg 115
Küssner Renate
47051 Friedrich-Wilhelm· 61
Küßner Thomas 47198 Kirch· 134
– Wolfgang 47229 Kronprinzen· 14
Küssner Werner 47228 Buchen· 1
Küst Harald 47051 Nieder· 6
– Martha 47057 Holtei· 13
– Walter 47057 Holtei· 13
Küster Andre
47239 Im Huckinger Kamp 8
– Andreas 47057 Lerchen· 6
– Anja 47051 Dellplatz 7
– Bernd 47269 Lauenburger Allee 63
– Bernhard 47139 Neander· 77
– Bernhard 47178 Bahnhof· 82
– Bettina 47259 Über dem Bruch 16
– Brigitte 47053 Eichenhof 4
– Christine 47139 Weel· 29
– Cornelia 47198 Johannishof 12
– Edith 47055 Düsseldorfer· 454
– Elfriede 47198 Post· 17
– Elke 47229 Lindenallee 13
– Elke 47055 Zum Lith 85
– Erna 47053 Eichenhof 4
– Franziska 47226 In der Rheinau 22
– Günter 47138 Koopmann· 25
– Hans 47198 Friedrich-Ebert· 14
– Hans-Georg 47179 Lohsen· 38
– Heinz 47051 Ulrich· 12
– Helene 47259 Angerhauser· 49
– Helgard 47259 Peschen· 17
– Ingrid 47269 Lauenburger Allee 63
– Jakob 47259 Im Huckinger Kamp 4
– Jakob 47259 Angerhauser· 49
– Johannes 47226 In der Rheinau 22
– Karl 47259 Im Huckinger Kamp 4
– Karsten 47055 Zum Lith 85
– Katrin 47051 Neckar· 15
– Lothar 47055 Zum Lith 85
– Manfred 47057 Heinrich-Lersch· 11
– Margarete 47139 Neander· 77
– Maria 47137 Altenkamp 28
– Michael
47226 Hochemmericher· 33a
– Monika 47169 Mathilden· 7
– Monika 47051 Sonnenwall 53
– Nicole 47198 Post· 17
– Paul 47259 Peschen· 17
– Reiner 47137 Borkhofer· 14
– Reinhard 47119 Milch· 10
– Stephan 47166 Im Weidekamp 38
– Thomas 47139 Friedhof· 18
– Ursula 47057 Heinrich-Lersch· 11
– Volker 47053 Eichenhof 4
– Walter 47139 An der Vogelwiese 25
– Werner 47198 Johannishof 12
– Wilfried 47139 Magdalenen· 2
– Wilfried 47259 Peschen· 17
– Willi 47229 Lindenallee 13
– Wilma 47179 Hoover· 20
Küster-Bensch Melanie
47226 Hochemmericher· 33a
Küster-Chramik Ingrid
47179 Rhein· 76
Küster-Krüger Ute 47269 Sandforn· 5
Küsterbeck Astrid
47057 Sternbuschweg 184
Küstermann Edi
47228 Fritz-Schröder· 48
– Katharina 47228 Fritz-Schröder· 48
– Oliver 47249 Am Hauweg 47
Küsters Adelheid 47137 Gerichts· 6
– Adolf 47057 Bismarck· 7
– Andrea 47259 Osteroder· 83
– Andreas 47169 Weseler· 281
Firmen, Gewerbebetriebe usw. nach Namen – siehe gelber Teil	A-DU
